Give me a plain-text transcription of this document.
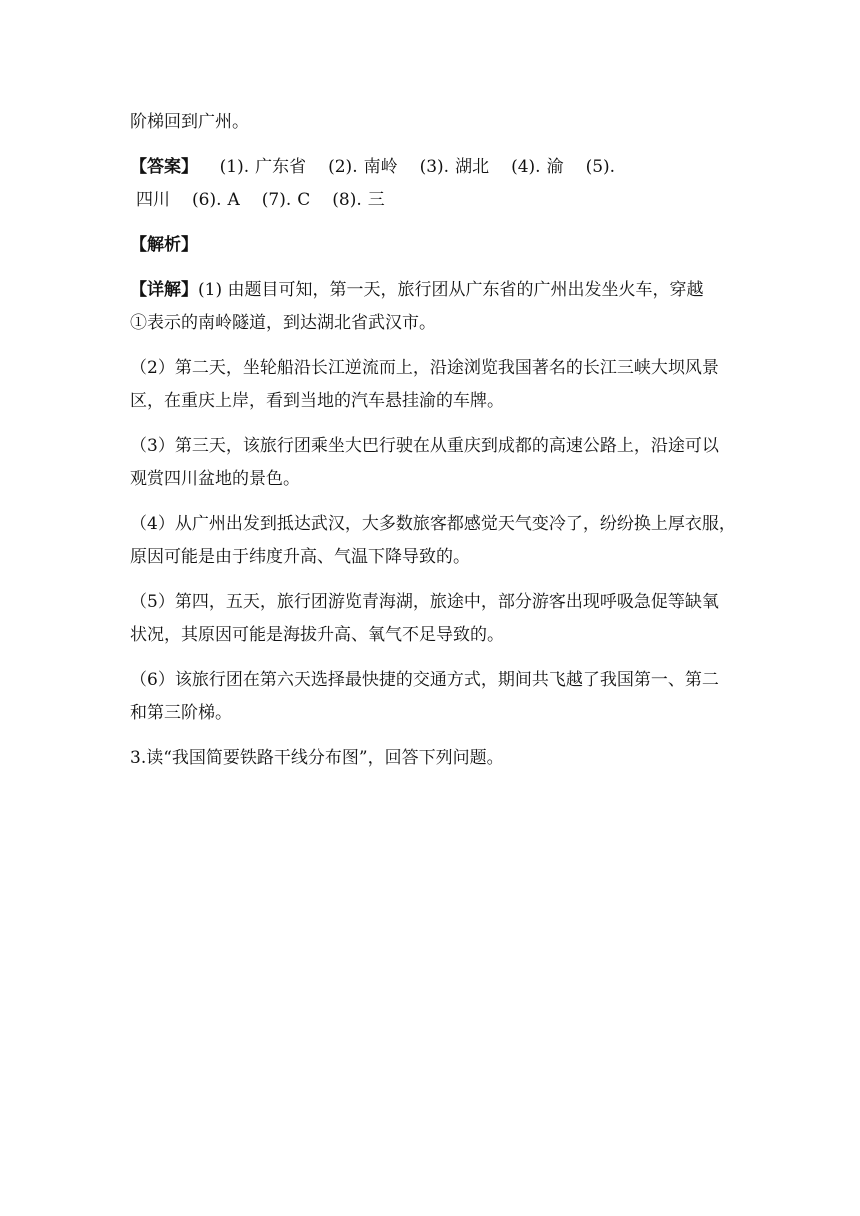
阶梯回到广州。

【答案】 (1). 广东省 (2). 南岭 (3). 湖北 (4). 渝 (5).

四川 (6). A (7). C (8). 三

【解析】

【详解】(1) 由题目可知，第一天，旅行团从广东省的广州出发坐火车，穿越

①表示的南岭隧道，到达湖北省武汉市。

（2）第二天，坐轮船沿长江逆流而上，沿途浏览我国著名的长江三峡大坝风景

区，在重庆上岸，看到当地的汽车悬挂渝的车牌。

（3）第三天，该旅行团乘坐大巴行驶在从重庆到成都的高速公路上，沿途可以

观赏四川盆地的景色。

（4）从广州出发到抵达武汉，大多数旅客都感觉天气变冷了，纷纷换上厚衣服，

原因可能是由于纬度升高、气温下降导致的。

（5）第四，五天，旅行团游览青海湖，旅途中，部分游客出现呼吸急促等缺氧

状况，其原因可能是海拔升高、氧气不足导致的。

（6）该旅行团在第六天选择最快捷的交通方式，期间共飞越了我国第一、第二

和第三阶梯。

3.读“我国简要铁路干线分布图”，回答下列问题。
